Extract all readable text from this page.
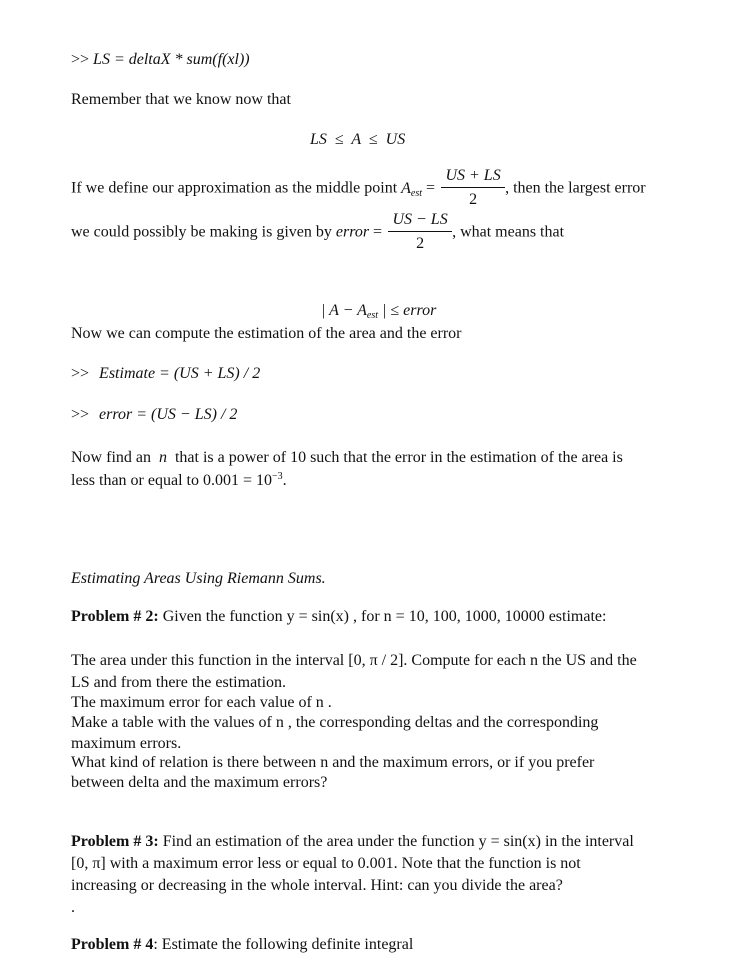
>> LS = deltaX * sum(f(xl))
Remember that we know now that
LS  ≤  A  ≤  US
If we define our approximation as the middle point $A_{est} = \frac{US + LS}{2}$ , then the largest error
we could possibly be making is given by error = $\frac{US - LS}{2}$ , what means that

| $A - A_{est}$ | ≤ error

Now we can compute the estimation of the area and the error
>> Estimate = (US + LS) / 2
>> error = (US − LS) / 2
Now find an n that is a power of 10 such that the error in the estimation of the area is
less than or equal to $0.001 = 10^{-3}$.
Estimating Areas Using Riemann Sums.
Problem # 2: Given the function y = sin(x) , for n = 10, 100, 1000, 10000 estimate:
The area under this function in the interval [0, π / 2]. Compute for each n the US and the
LS and from there the estimation.
The maximum error for each value of n .
Make a table with the values of n , the corresponding deltas and the corresponding
maximum errors.
What kind of relation is there between n and the maximum errors, or if you prefer
between delta and the maximum errors?
Problem # 3: Find an estimation of the area under the function y = sin(x) in the interval
[0, π] with a maximum error less or equal to 0.001. Note that the function is not
increasing or decreasing in the whole interval. Hint: can you divide the area?
.
Problem # 4: Estimate the following definite integral
